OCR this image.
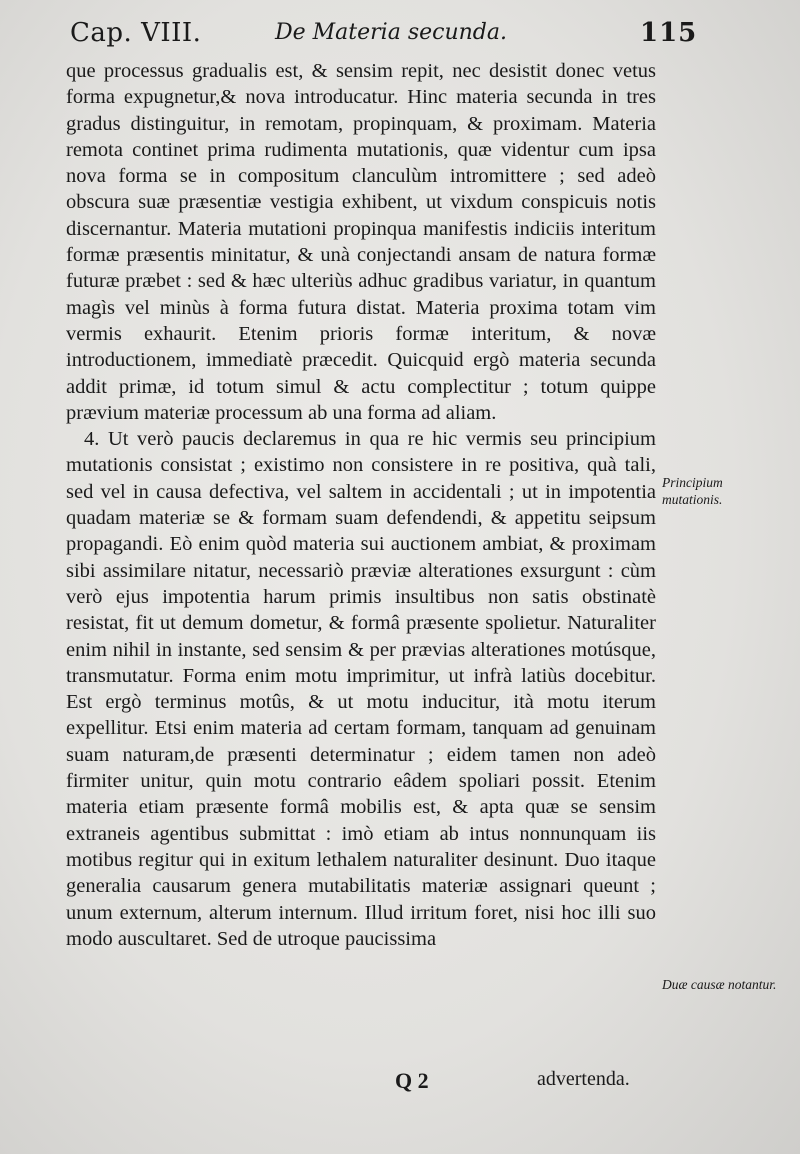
Cap. VIII.	De Materia secunda.	115

que processus gradualis est, & sensim repit, nec desistit donec vetus forma expugnetur,& nova introducatur. Hinc materia secunda in tres gradus distinguitur, in remotam, propinquam, & proximam. Materia remota continet prima rudimenta mutationis, quæ videntur cum ipsa nova forma se in compositum clanculùm intromittere ; sed adeò obscura suæ præsentiæ vestigia exhibent, ut vixdum conspicuis notis discernantur. Materia mutationi propinqua manifestis indiciis interitum formæ præsentis minitatur, & unà conjectandi ansam de natura formæ futuræ præbet : sed & hæc ulteriùs adhuc gradibus variatur, in quantum magìs vel minùs à forma futura distat. Materia proxima totam vim vermis exhaurit. Etenim prioris formæ interitum, & novæ introductionem, immediatè præcedit. Quicquid ergò materia secunda addit primæ, id totum simul & actu complectitur ; totum quippe prævium materiæ processum ab una forma ad aliam.

4. Ut verò paucis declaremus in qua re hic vermis seu principium mutationis consistat ; existimo non consistere in re positiva, quà tali, sed vel in causa defectiva, vel saltem in accidentali ; ut in impotentia quadam materiæ se & formam suam defendendi, & appetitu seipsum propagandi. Eò enim quòd materia sui auctionem ambiat, & proximam sibi assimilare nitatur, necessariò præviæ alterationes exsurgunt : cùm verò ejus impotentia harum primis insultibus non satis obstinatè resistat, fit ut demum dometur, & formâ præsente spolietur. Naturaliter enim nihil in instante, sed sensim & per prævias alterationes motúsque, transmutatur. Forma enim motu imprimitur, ut infrà latiùs docebitur. Est ergò terminus motûs, & ut motu inducitur, ità motu iterum expellitur. Etsi enim materia ad certam formam, tanquam ad genuinam suam naturam,de præsenti determinatur ; eidem tamen non adeò firmiter unitur, quin motu contrario eâdem spoliari possit. Etenim materia etiam præsente formâ mobilis est, & apta quæ se sensim extraneis agentibus submittat : imò etiam ab intus nonnunquam iis motibus regitur qui in exitum lethalem naturaliter desinunt. Duo itaque generalia causarum genera mutabilitatis materiæ assignari queunt ; unum externum, alterum internum. Illud irritum foret, nisi hoc illi suo modo auscultaret. Sed de utroque paucissima

Principium mutationis.
Duæ causæ notantur.
Q 2	advertenda.
